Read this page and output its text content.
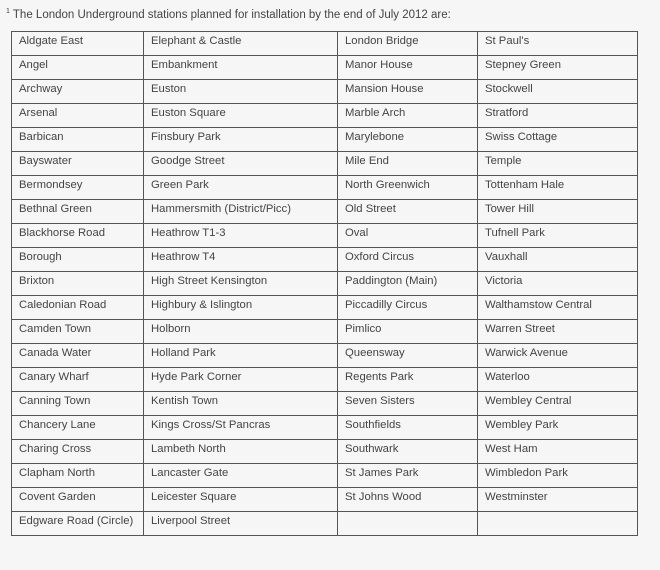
$^1$ The London Underground stations planned for installation by the end of July 2012 are:
Aldgate East	Elephant & Castle	London Bridge	St Paul's
Angel	Embankment	Manor House	Stepney Green
Archway	Euston	Mansion House	Stockwell
Arsenal	Euston Square	Marble Arch	Stratford
Barbican	Finsbury Park	Marylebone	Swiss Cottage
Bayswater	Goodge Street	Mile End	Temple
Bermondsey	Green Park	North Greenwich	Tottenham Hale
Bethnal Green	Hammersmith (District/Picc)	Old Street	Tower Hill
Blackhorse Road	Heathrow T1-3	Oval	Tufnell Park
Borough	Heathrow T4	Oxford Circus	Vauxhall
Brixton	High Street Kensington	Paddington (Main)	Victoria
Caledonian Road	Highbury & Islington	Piccadilly Circus	Walthamstow Central
Camden Town	Holborn	Pimlico	Warren Street
Canada Water	Holland Park	Queensway	Warwick Avenue
Canary Wharf	Hyde Park Corner	Regents Park	Waterloo
Canning Town	Kentish Town	Seven Sisters	Wembley Central
Chancery Lane	Kings Cross/St Pancras	Southfields	Wembley Park
Charing Cross	Lambeth North	Southwark	West Ham
Clapham North	Lancaster Gate	St James Park	Wimbledon Park
Covent Garden	Leicester Square	St Johns Wood	Westminster
Edgware Road (Circle)	Liverpool Street		
